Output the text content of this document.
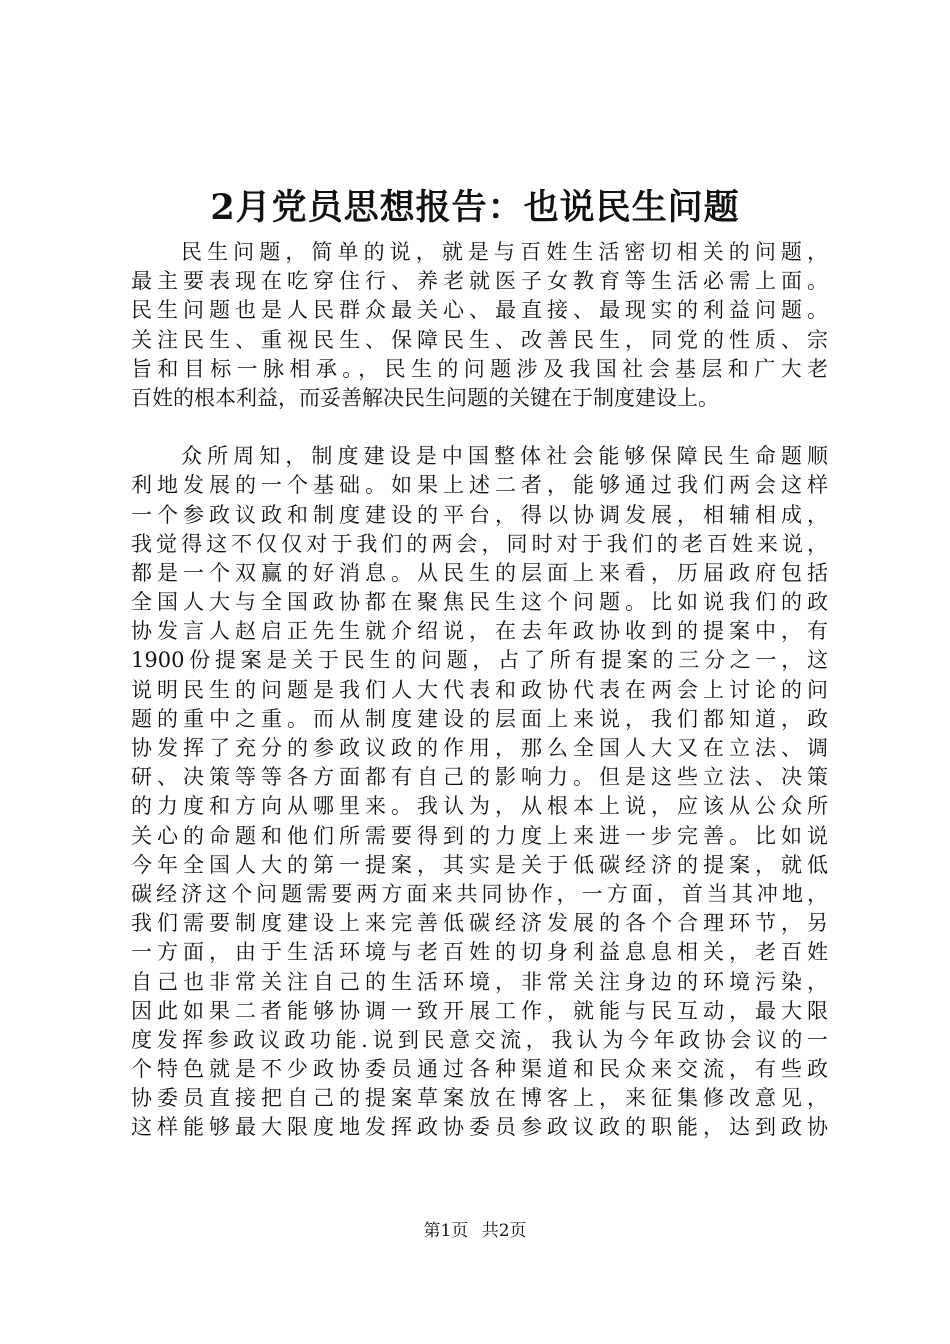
2月党员思想报告：也说民生问题
民生问题，简单的说，就是与百姓生活密切相关的问题，
最主要表现在吃穿住行、养老就医子女教育等生活必需上面。
民生问题也是人民群众最关心、最直接、最现实的利益问题。
关注民生、重视民生、保障民生、改善民生，同党的性质、宗
旨和目标一脉相承。，民生的问题涉及我国社会基层和广大老
百姓的根本利益，而妥善解决民生问题的关键在于制度建设上。
众所周知，制度建设是中国整体社会能够保障民生命题顺
利地发展的一个基础。如果上述二者，能够通过我们两会这样
一个参政议政和制度建设的平台，得以协调发展，相辅相成，
我觉得这不仅仅对于我们的两会，同时对于我们的老百姓来说，
都是一个双赢的好消息。从民生的层面上来看，历届政府包括
全国人大与全国政协都在聚焦民生这个问题。比如说我们的政
协发言人赵启正先生就介绍说，在去年政协收到的提案中，有
1900份提案是关于民生的问题，占了所有提案的三分之一，这
说明民生的问题是我们人大代表和政协代表在两会上讨论的问
题的重中之重。而从制度建设的层面上来说，我们都知道，政
协发挥了充分的参政议政的作用，那么全国人大又在立法、调
研、决策等等各方面都有自己的影响力。但是这些立法、决策
的力度和方向从哪里来。我认为，从根本上说，应该从公众所
关心的命题和他们所需要得到的力度上来进一步完善。比如说
今年全国人大的第一提案，其实是关于低碳经济的提案，就低
碳经济这个问题需要两方面来共同协作，一方面，首当其冲地，
我们需要制度建设上来完善低碳经济发展的各个合理环节，另
一方面，由于生活环境与老百姓的切身利益息息相关，老百姓
自己也非常关注自己的生活环境，非常关注身边的环境污染，
因此如果二者能够协调一致开展工作，就能与民互动，最大限
度发挥参政议政功能.说到民意交流，我认为今年政协会议的一
个特色就是不少政协委员通过各种渠道和民众来交流，有些政
协委员直接把自己的提案草案放在博客上，来征集修改意见，
这样能够最大限度地发挥政协委员参政议政的职能，达到政协
第1页 共2页
